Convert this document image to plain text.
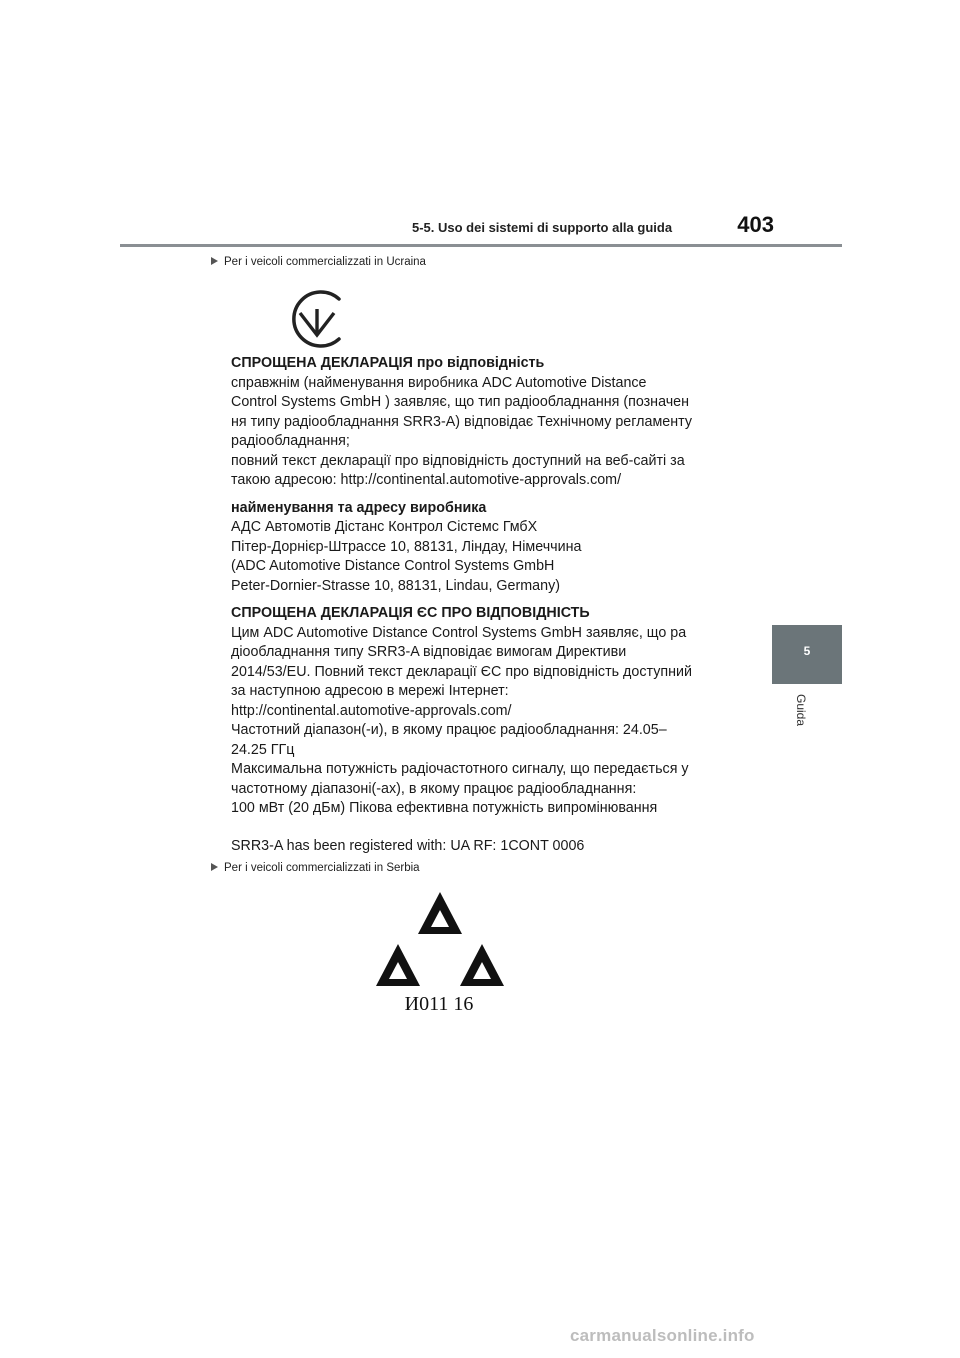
5-5. Uso dei sistemi di supporto alla guida	403
5
Guida
Per i veicoli commercializzati in Ucraina

СПРОЩЕНА ДЕКЛАРАЦІЯ про відповідність

справжнім (найменування виробника ADC Automotive Distance

Control Systems GmbH ) заявляє, що тип радіообладнання (позначен

ня типу радіообладнання SRR3-A) відповідає Технічному регламенту

радіообладнання;

повний текст декларації про відповідність доступний на веб-сайті за

такою адресою: http://continental.automotive-approvals.com/

найменування та адресу виробника

АДС Автомотів Дістанс Контрол Сістемс ГмбХ

Пітер-Дорнієр-Штрассе 10, 88131, Ліндау, Німеччина

(ADC Automotive Distance Control Systems GmbH

Peter-Dornier-Strasse 10, 88131, Lindau, Germany)

СПРОЩЕНА ДЕКЛАРАЦІЯ ЄС ПРО ВІДПОВІДНІСТЬ

Цим ADC Automotive Distance Control Systems GmbH заявляє, що ра

діообладнання типу SRR3-A відповідає вимогам Директиви

2014/53/EU. Повний текст декларації ЄС про відповідність доступний

за наступною адресою в мережі Інтернет:

http://continental.automotive-approvals.com/

Частотний діапазон(-и), в якому працює радіообладнання: 24.05–

24.25 ГГц

Максимальна потужність радіочастотного сигналу, що передається у

частотному діапазоні(-ах), в якому працює радіообладнання:

100 мВт (20 дБм) Пікова ефективна потужність випромінювання

SRR3-A has been registered with: UA RF: 1CONT 0006

Per i veicoli commercializzati in Serbia
И011 16
carmanualsonline.info
